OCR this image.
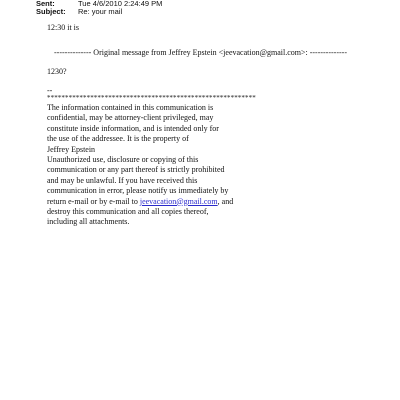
Sent:	Tue 4/6/2010 2:24:49 PM
Subject: Re: your mail
12:30 it is
-------------- Original message from Jeffrey Epstein <jeevacation@gmail.com>: --------------
1230?
--
**********************************************************
The information contained in this communication is
confidential, may be attorney-client privileged, may
constitute inside information, and is intended only for
the use of the addressee. It is the property of
Jeffrey Epstein
Unauthorized use, disclosure or copying of this
communication or any part thereof is strictly prohibited
and may be unlawful. If you have received this
communication in error, please notify us immediately by
return e-mail or by e-mail to jeevacation@gmail.com, and
destroy this communication and all copies thereof,
including all attachments.
